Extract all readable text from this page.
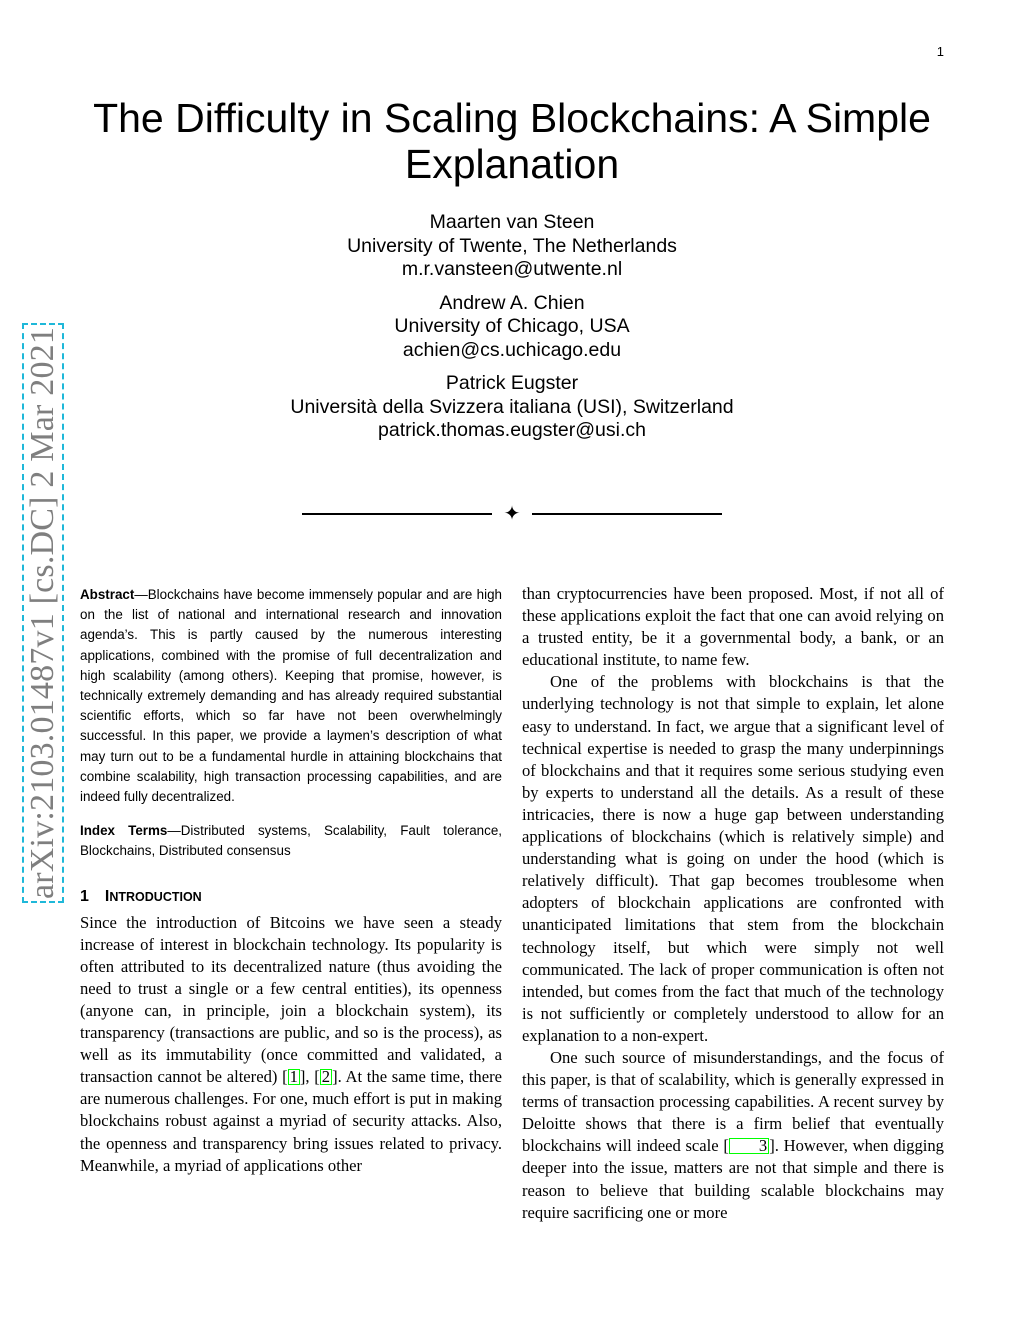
1
arXiv:2103.01487v1 [cs.DC] 2 Mar 2021
The Difficulty in Scaling Blockchains: A Simple Explanation
Maarten van Steen
University of Twente, The Netherlands
m.r.vansteen@utwente.nl
Andrew A. Chien
University of Chicago, USA
achien@cs.uchicago.edu
Patrick Eugster
Università della Svizzera italiana (USI), Switzerland
patrick.thomas.eugster@usi.ch
✦

Abstract—Blockchains have become immensely popular and are high on the list of national and international research and innovation agenda’s. This is partly caused by the numerous interesting applications, combined with the promise of full decentralization and high scalability (among others). Keeping that promise, however, is technically extremely demanding and has already required substantial scientific efforts, which so far have not been overwhelmingly successful. In this paper, we provide a laymen’s description of what may turn out to be a fundamental hurdle in attaining blockchains that combine scalability, high transaction processing capabilities, and are indeed fully decentralized.

Index Terms—Distributed systems, Scalability, Fault tolerance, Blockchains, Distributed consensus

1 INTRODUCTION

Since the introduction of Bitcoins we have seen a steady increase of interest in blockchain technology. Its popularity is often attributed to its decentralized nature (thus avoiding the need to trust a single or a few central entities), its openness (anyone can, in principle, join a blockchain system), its transparency (transactions are public, and so is the process), as well as its immutability (once committed and validated, a transaction cannot be altered) [ 1 ], [ 2 ]. At the same time, there are numerous challenges. For one, much effort is put in making blockchains robust against a myriad of security attacks. Also, the openness and transparency bring issues related to privacy. Meanwhile, a myriad of applications other

than cryptocurrencies have been proposed. Most, if not all of these applications exploit the fact that one can avoid relying on a trusted entity, be it a governmental body, a bank, or an educational institute, to name few.

One of the problems with blockchains is that the underlying technology is not that simple to explain, let alone easy to understand. In fact, we argue that a significant level of technical expertise is needed to grasp the many underpinnings of blockchains and that it requires some serious studying even by experts to understand all the details. As a result of these intricacies, there is now a huge gap between understanding applications of blockchains (which is relatively simple) and understanding what is going on under the hood (which is relatively difficult). That gap becomes troublesome when adopters of blockchain applications are confronted with unanticipated limitations that stem from the blockchain technology itself, but which were simply not well communicated. The lack of proper communication is often not intended, but comes from the fact that much of the technology is not sufficiently or completely understood to allow for an explanation to a non-expert.

One such source of misunderstandings, and the focus of this paper, is that of scalability, which is generally expressed in terms of transaction processing capabilities. A recent survey by Deloitte shows that there is a firm belief that eventually blockchains will indeed scale [ 3 ]. However, when digging deeper into the issue, matters are not that simple and there is reason to believe that building scalable blockchains may require sacrificing one or more
